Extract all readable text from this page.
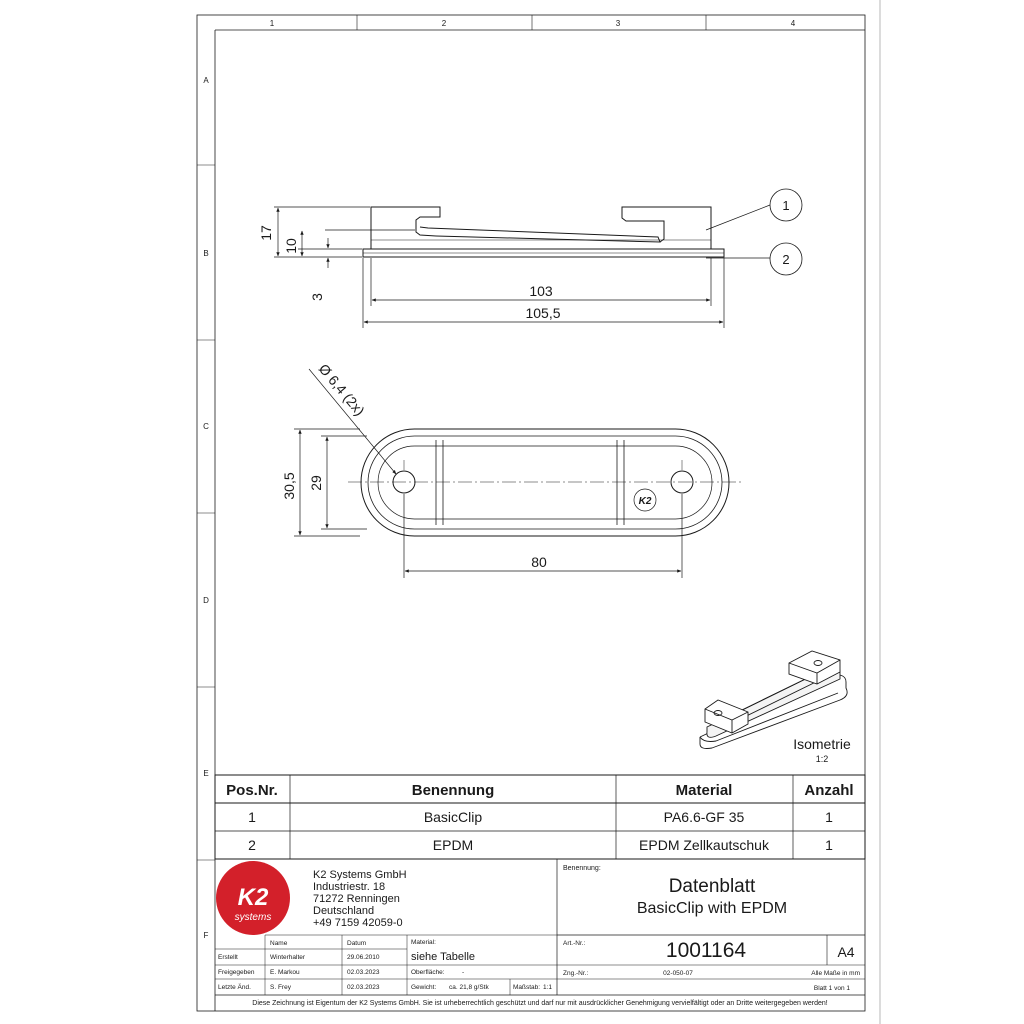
1	2	3	4
A
B
C
D
E
F
17
10
3	103
105,5
1
2
K2
Ø 6,4 (2x)
30,5 29
80
Isometrie
1:2
Pos.Nr.	Benennung	Material	Anzahl
1	BasicClip	PA6.6-GF 35	1
2	EPDM	EPDM Zellkautschuk	1
K2
systems
K2 Systems GmbH
Industriestr. 18
71272 Renningen
Deutschland
+49 7159 42059-0
Benennung:
Datenblatt
BasicClip with EPDM
Name	Datum
Erstellt	Winterhalter	29.06.2010
Freigegeben E. Markou	02.03.2023
Letzte Änd.	S. Frey	02.03.2023
Material:
siehe Tabelle
Oberfläche:	-
Gewicht: ca. 21,8 g/Stk	Maßstab: 1:1
Art.-Nr.:	1001164	A4
Zng.-Nr.:	02-050-07	Alle Maße in mm
Blatt 1 von 1
Diese Zeichnung ist Eigentum der K2 Systems GmbH. Sie ist urheberrechtlich geschützt und darf nur mit ausdrücklicher Genehmigung vervielfältigt oder an Dritte weitergegeben werden!
